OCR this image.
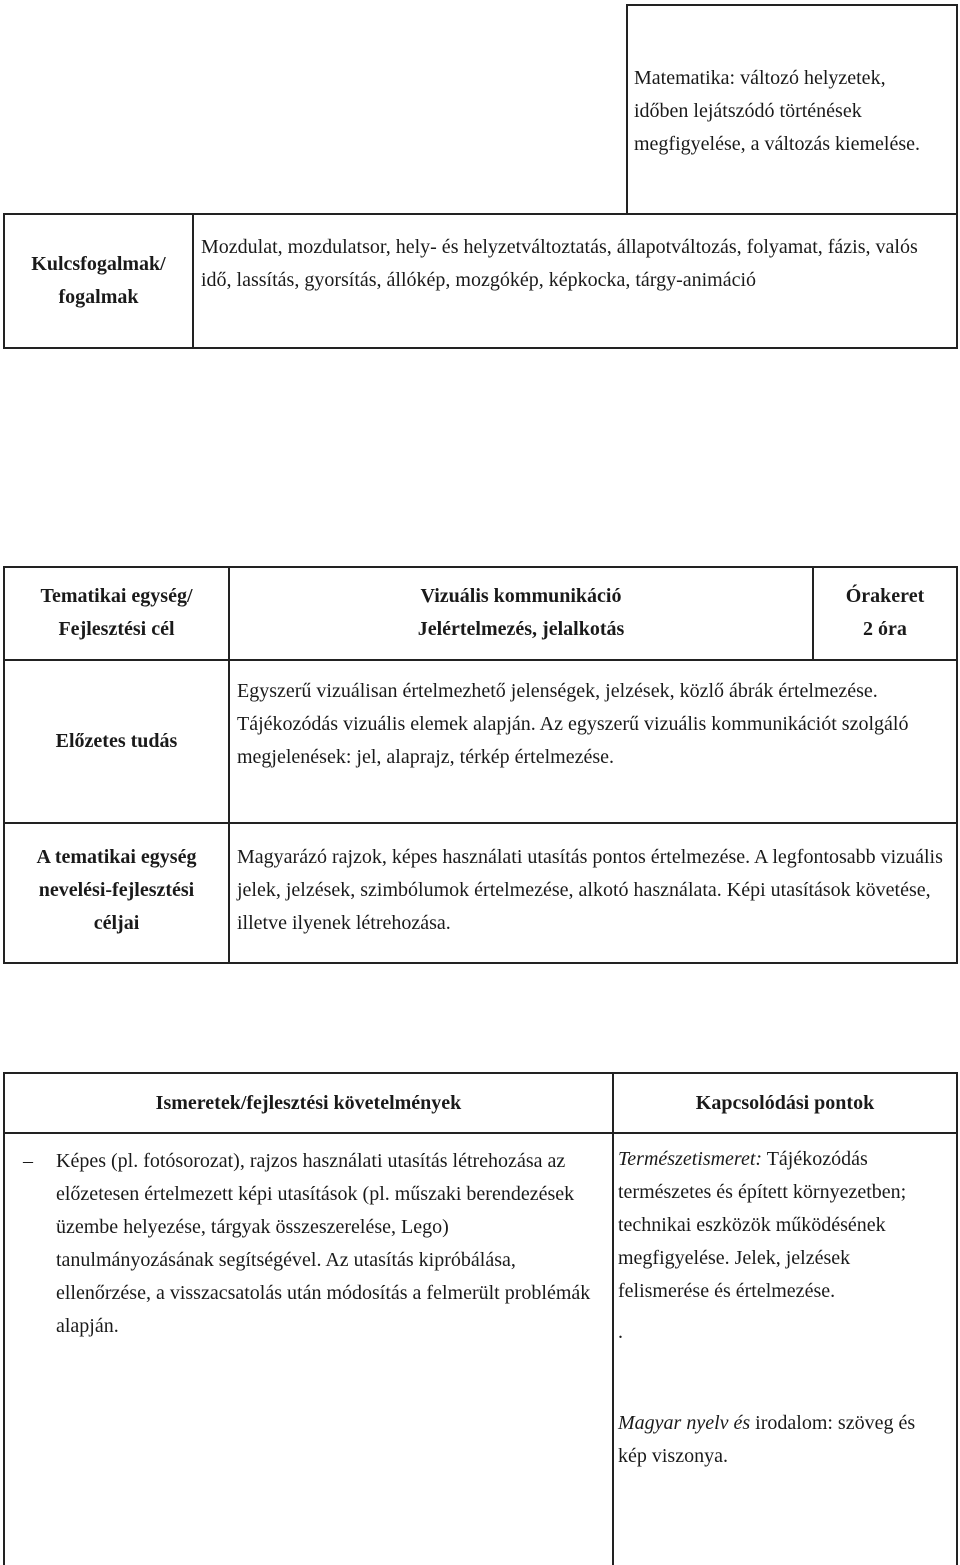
Matematika: változó helyzetek, időben lejátszódó történések megfigyelése, a változás kiemelése.

Kulcsfogalmak/
fogalmak

Mozdulat, mozdulatsor, hely- és helyzetváltoztatás, állapotváltozás, folyamat, fázis, valós idő, lassítás, gyorsítás, állókép, mozgókép, képkocka, tárgy-animáció

Tematikai egység/
Fejlesztési cél
Vizuális kommunikáció
Jelértelmezés, jelalkotás
Órakeret
2 óra
Előzetes tudás

Egyszerű vizuálisan értelmezhető jelenségek, jelzések, közlő ábrák értelmezése. Tájékozódás vizuális elemek alapján. Az egyszerű vizuális kommunikációt szolgáló megjelenések: jel, alaprajz, térkép értelmezése.

A tematikai egység
nevelési-fejlesztési
céljai

Magyarázó rajzok, képes használati utasítás pontos értelmezése. A legfontosabb vizuális jelek, jelzések, szimbólumok értelmezése, alkotó használata. Képi utasítások követése, illetve ilyenek létrehozása.

Ismeretek/fejlesztési követelmények	Kapcsolódási pontok
– Képes (pl. fotósorozat), rajzos használati utasítás létrehozása az előzetesen értelmezett képi utasítások (pl. műszaki berendezések üzembe helyezése, tárgyak összeszerelése, Lego) tanulmányozásának segítségével. Az utasítás kipróbálása, ellenőrzése, a visszacsatolás után módosítás a felmerült problémák alapján.

Természetismeret: Tájékozódás természetes és épített környezetben; technikai eszközök működésének megfigyelése. Jelek, jelzések felismerése és értelmezése.

.

Magyar nyelv és irodalom: szöveg és kép viszonya.
